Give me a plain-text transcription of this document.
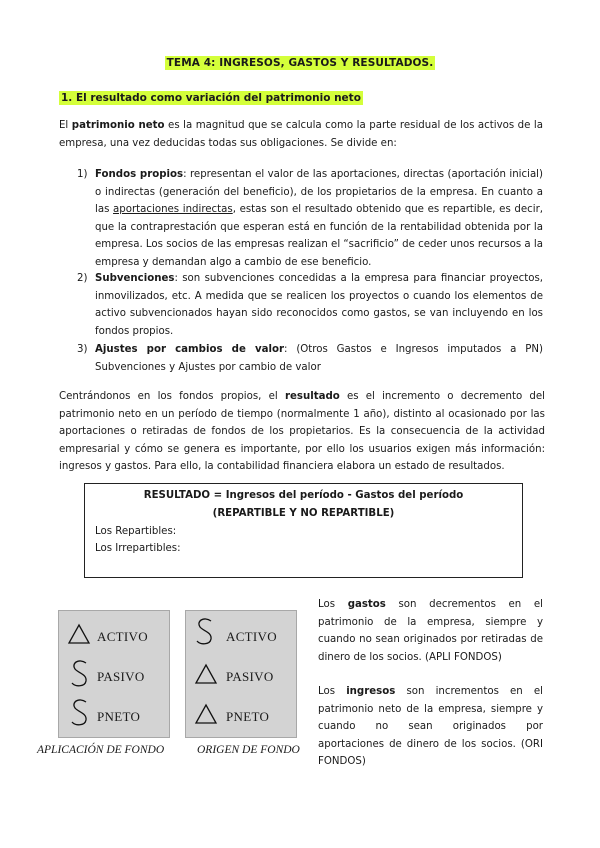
TEMA 4: INGRESOS, GASTOS Y RESULTADOS.
1. El resultado como variación del patrimonio neto
El patrimonio neto es la magnitud que se calcula como la parte residual de los activos de la empresa, una vez deducidas todas sus obligaciones. Se divide en:
1) Fondos propios: representan el valor de las aportaciones, directas (aportación inicial) o indirectas (generación del beneficio), de los propietarios de la empresa. En cuanto a las aportaciones indirectas, estas son el resultado obtenido que es repartible, es decir, que la contraprestación que esperan está en función de la rentabilidad obtenida por la empresa. Los socios de las empresas realizan el “sacrificio” de ceder unos recursos a la empresa y demandan algo a cambio de ese beneficio.
2) Subvenciones: son subvenciones concedidas a la empresa para financiar proyectos, inmovilizados, etc. A medida que se realicen los proyectos o cuando los elementos de activo subvencionados hayan sido reconocidos como gastos, se van incluyendo en los fondos propios.
3) Ajustes por cambios de valor: (Otros Gastos e Ingresos imputados a PN) Subvenciones y Ajustes por cambio de valor
Centrándonos en los fondos propios, el resultado es el incremento o decremento del patrimonio neto en un período de tiempo (normalmente 1 año), distinto al ocasionado por las aportaciones o retiradas de fondos de los propietarios. Es la consecuencia de la actividad empresarial y cómo se genera es importante, por ello los usuarios exigen más información: ingresos y gastos. Para ello, la contabilidad financiera elabora un estado de resultados.
RESULTADO = Ingresos del período - Gastos del período
(REPARTIBLE Y NO REPARTIBLE)
Los Repartibles:
Los Irrepartibles:
ACTIVO
PASIVO
PNETO
APLICACIÓN DE FONDO
ACTIVO
PASIVO
PNETO
ORIGEN DE FONDO
Los gastos son decrementos en el patrimonio de la empresa, siempre y cuando no sean originados por retiradas de dinero de los socios. (APLI FONDOS)
Los ingresos son incrementos en el patrimonio neto de la empresa, siempre y cuando no sean originados por aportaciones de dinero de los socios. (ORI FONDOS)
